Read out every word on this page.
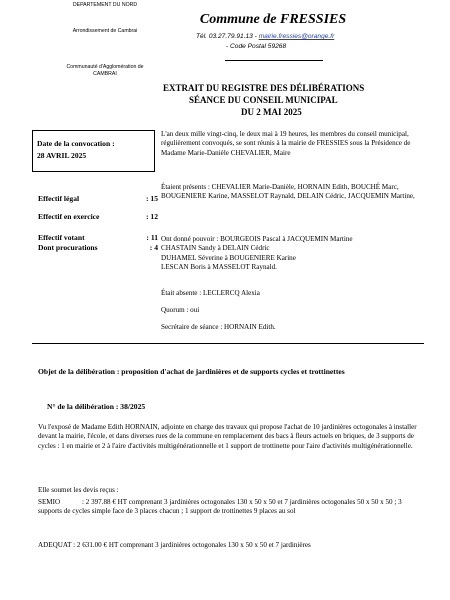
DEPARTEMENT DU NORD
Arrondissement de Cambrai
Communauté d'Agglomération de CAMBRAI
Commune de FRESSIES
Tél. 03.27.79.91.13 - mairie.fressies@orange.fr
- Code Postal 59268
EXTRAIT DU REGISTRE DES DÉLIBÉRATIONS
SÉANCE DU CONSEIL MUNICIPAL
DU 2 MAI 2025
Date de la convocation :
28 AVRIL 2025
Effectif légal	: 15
Effectif en exercice	: 12
Effectif votant	: 11
Dont procurations	: 4
L'an deux mille vingt-cinq, le deux mai à 19 heures, les membres du conseil municipal, régulièrement convoqués, se sont réunis à la mairie de FRESSIES sous la Présidence de Madame Marie-Danièle CHEVALIER, Maire
Étaient présents : CHEVALIER Marie-Danièle, HORNAIN Edith, BOUCHÉ Marc, BOUGENIERE Karine, MASSELOT Raynald, DELAIN Cédric, JACQUEMIN Martine,
Ont donné pouvoir : BOURGEOIS Pascal à JACQUEMIN Martine
CHASTAIN Sandy à DELAIN Cédric
DUHAMEL Séverine à BOUGENIERE Karine
LESCAN Boris à MASSELOT Raynald.
Était absente : LECLERCQ Alexia
Quorum : oui
Secrétaire de séance : HORNAIN Edith.
Objet de la délibération : proposition d'achat de jardinières et de supports cycles et trottinettes
N° de la délibération : 38/2025
Vu l'exposé de Madame Edith HORNAIN, adjointe en charge des travaux qui propose l'achat de 10 jardinières octogonales à installer devant la mairie, l'école, et dans diverses rues de la commune en remplacement des bacs à fleurs actuels en briques, de 3 supports de cycles : 1 en mairie et 2 à l'aire d'activités multigénérationnelle et 1 support de trottinette pour l'aire d'activités multigénérationnelle.
Elle soumet les devis reçus :
SEMIO	: 2 397.88 € HT comprenant 3 jardinières octogonales 130 x 50 x 50 et 7 jardinières octogonales 50 x 50 x 50 ; 3 supports de cycles simple face de 3 places chacun ; 1 support de trottinettes 9 places au sol
ADEQUAT : 2 631.00 € HT comprenant 3 jardinières octogonales 130 x 50 x 50 et 7 jardinières
